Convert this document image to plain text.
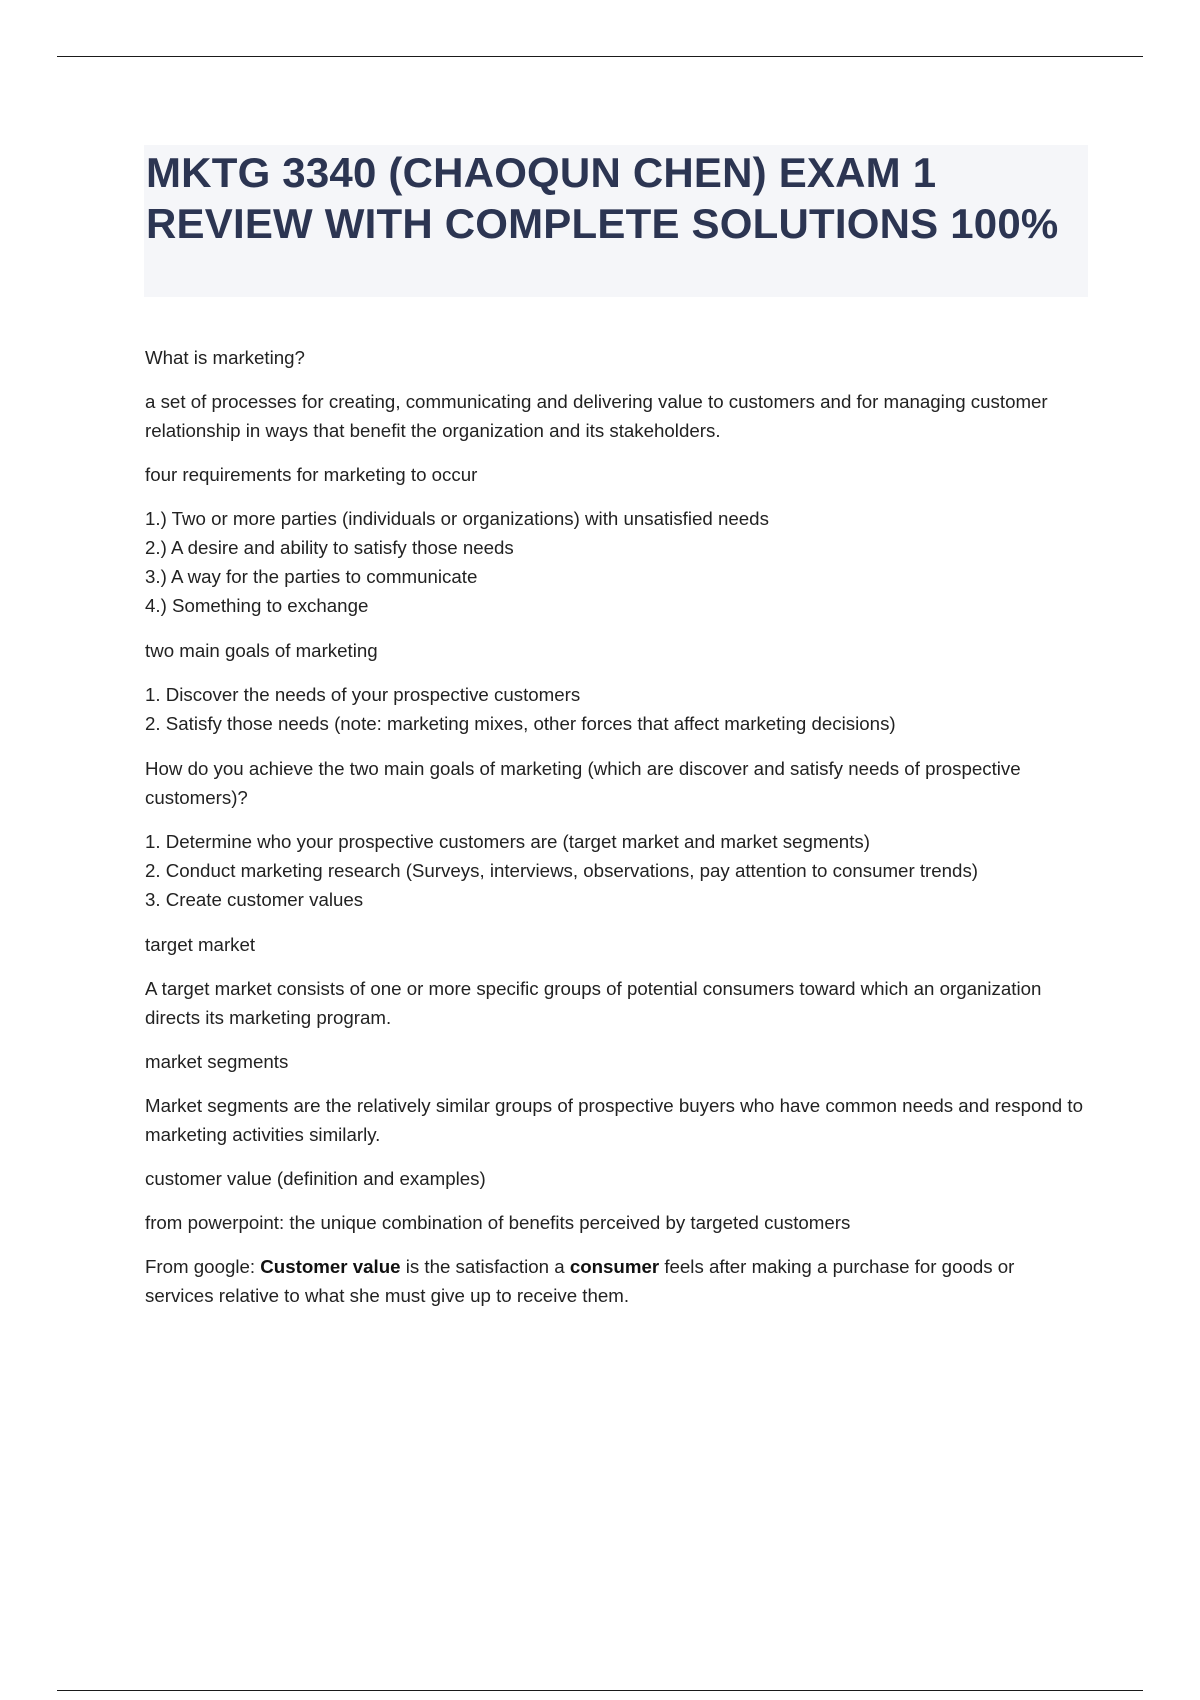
MKTG 3340 (CHAOQUN CHEN) EXAM 1 REVIEW WITH COMPLETE SOLUTIONS 100%

What is marketing?

a set of processes for creating, communicating and delivering value to customers and for managing customer relationship in ways that benefit the organization and its stakeholders.

four requirements for marketing to occur

1.) Two or more parties (individuals or organizations) with unsatisfied needs
2.) A desire and ability to satisfy those needs
3.) A way for the parties to communicate
4.) Something to exchange

two main goals of marketing

1. Discover the needs of your prospective customers
2. Satisfy those needs (note: marketing mixes, other forces that affect marketing decisions)

How do you achieve the two main goals of marketing (which are discover and satisfy needs of prospective customers)?

1. Determine who your prospective customers are (target market and market segments)
2. Conduct marketing research (Surveys, interviews, observations, pay attention to consumer trends)
3. Create customer values

target market

A target market consists of one or more specific groups of potential consumers toward which an organization directs its marketing program.

market segments

Market segments are the relatively similar groups of prospective buyers who have common needs and respond to marketing activities similarly.

customer value (definition and examples)

from powerpoint: the unique combination of benefits perceived by targeted customers

From google: Customer value is the satisfaction a consumer feels after making a purchase for goods or services relative to what she must give up to receive them.
